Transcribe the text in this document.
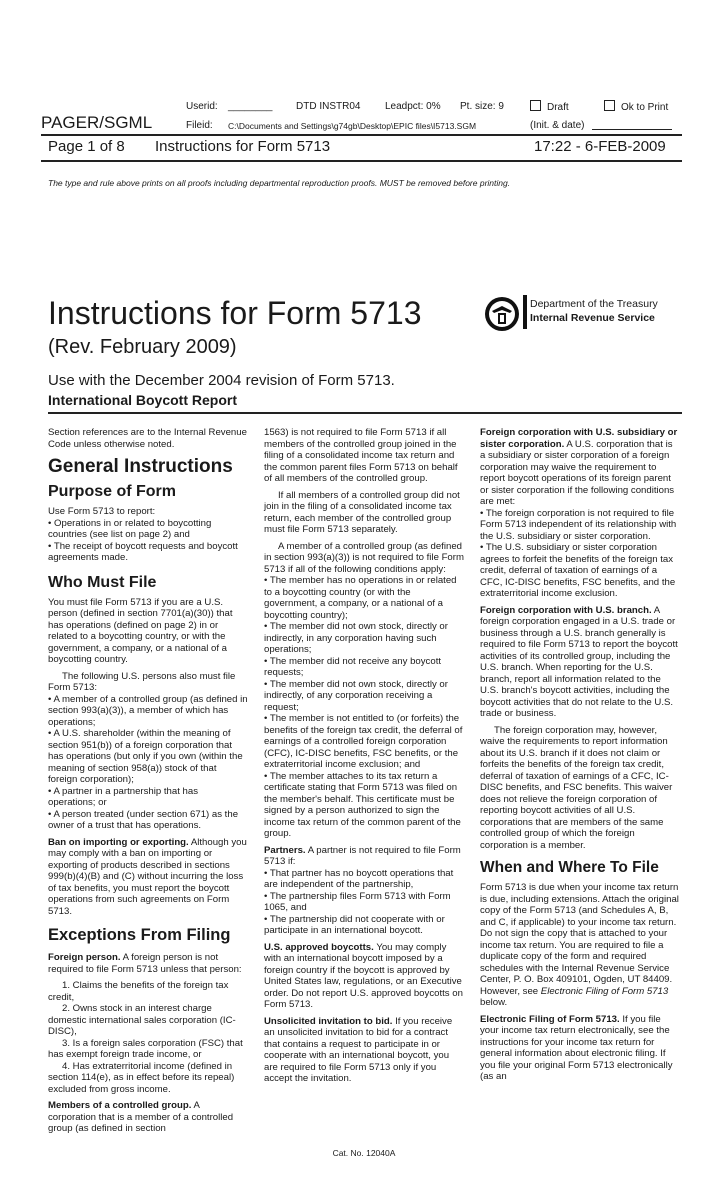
Userid: ________ DTD INSTR04 Leadpct: 0% Pt. size: 9	Draft	Ok to Print
PAGER/SGML	Fileid: C:\Documents and Settings\g74gb\Desktop\EPIC files\I5713.SGM	(Init. & date)
Page 1 of 8 Instructions for Form 5713	17:22 - 6-FEB-2009
The type and rule above prints on all proofs including departmental reproduction proofs. MUST be removed before printing.
Instructions for Form 5713
(Rev. February 2009)
Use with the December 2004 revision of Form 5713.
International Boycott Report
Department of the Treasury
Internal Revenue Service

Section references are to the Internal Revenue Code unless otherwise noted.

General Instructions
Purpose of Form

Use Form 5713 to report:

• Operations in or related to boycotting countries (see list on page 2) and

• The receipt of boycott requests and boycott agreements made.

Who Must File

You must file Form 5713 if you are a U.S. person (defined in section 7701(a)(30)) that has operations (defined on page 2) in or related to a boycotting country, or with the government, a company, or a national of a boycotting country.

The following U.S. persons also must file Form 5713:

• A member of a controlled group (as defined in section 993(a)(3)), a member of which has operations;

• A U.S. shareholder (within the meaning of section 951(b)) of a foreign corporation that has operations (but only if you own (within the meaning of section 958(a)) stock of that foreign corporation);

• A partner in a partnership that has operations; or

• A person treated (under section 671) as the owner of a trust that has operations.

Ban on importing or exporting. Although you may comply with a ban on importing or exporting of products described in sections 999(b)(4)(B) and (C) without incurring the loss of tax benefits, you must report the boycott operations from such agreements on Form 5713.

Exceptions From Filing

Foreign person. A foreign person is not required to file Form 5713 unless that person:

1. Claims the benefits of the foreign tax credit,

2. Owns stock in an interest charge domestic international sales corporation (IC-DISC),

3. Is a foreign sales corporation (FSC) that has exempt foreign trade income, or

4. Has extraterritorial income (defined in section 114(e), as in effect before its repeal) excluded from gross income.

Members of a controlled group. A corporation that is a member of a controlled group (as defined in section

1563) is not required to file Form 5713 if all members of the controlled group joined in the filing of a consolidated income tax return and the common parent files Form 5713 on behalf of all members of the controlled group.

If all members of a controlled group did not join in the filing of a consolidated income tax return, each member of the controlled group must file Form 5713 separately.

A member of a controlled group (as defined in section 993(a)(3)) is not required to file Form 5713 if all of the following conditions apply:

• The member has no operations in or related to a boycotting country (or with the government, a company, or a national of a boycotting country);

• The member did not own stock, directly or indirectly, in any corporation having such operations;

• The member did not receive any boycott requests;

• The member did not own stock, directly or indirectly, of any corporation receiving a request;

• The member is not entitled to (or forfeits) the benefits of the foreign tax credit, the deferral of earnings of a controlled foreign corporation (CFC), IC-DISC benefits, FSC benefits, or the extraterritorial income exclusion; and

• The member attaches to its tax return a certificate stating that Form 5713 was filed on the member's behalf. This certificate must be signed by a person authorized to sign the income tax return of the common parent of the group.

Partners. A partner is not required to file Form 5713 if:

• That partner has no boycott operations that are independent of the partnership,

• The partnership files Form 5713 with Form 1065, and

• The partnership did not cooperate with or participate in an international boycott.

U.S. approved boycotts. You may comply with an international boycott imposed by a foreign country if the boycott is approved by United States law, regulations, or an Executive order. Do not report U.S. approved boycotts on Form 5713.

Unsolicited invitation to bid. If you receive an unsolicited invitation to bid for a contract that contains a request to participate in or cooperate with an international boycott, you are required to file Form 5713 only if you accept the invitation.

Foreign corporation with U.S. subsidiary or sister corporation. A U.S. corporation that is a subsidiary or sister corporation of a foreign corporation may waive the requirement to report boycott operations of its foreign parent or sister corporation if the following conditions are met:

• The foreign corporation is not required to file Form 5713 independent of its relationship with the U.S. subsidiary or sister corporation.

• The U.S. subsidiary or sister corporation agrees to forfeit the benefits of the foreign tax credit, deferral of taxation of earnings of a CFC, IC-DISC benefits, FSC benefits, and the extraterritorial income exclusion.

Foreign corporation with U.S. branch. A foreign corporation engaged in a U.S. trade or business through a U.S. branch generally is required to file Form 5713 to report the boycott activities of its controlled group, including the U.S. branch. When reporting for the U.S. branch, report all information related to the U.S. branch's boycott activities, including the boycott activities that do not relate to the U.S. trade or business.

The foreign corporation may, however, waive the requirements to report information about its U.S. branch if it does not claim or forfeits the benefits of the foreign tax credit, deferral of taxation of earnings of a CFC, IC-DISC benefits, and FSC benefits. This waiver does not relieve the foreign corporation of reporting boycott activities of all U.S. corporations that are members of the same controlled group of which the foreign corporation is a member.

When and Where To File

Form 5713 is due when your income tax return is due, including extensions. Attach the original copy of the Form 5713 (and Schedules A, B, and C, if applicable) to your income tax return. Do not sign the copy that is attached to your income tax return. You are required to file a duplicate copy of the form and required schedules with the Internal Revenue Service Center, P. O. Box 409101, Ogden, UT 84409. However, see Electronic Filing of Form 5713 below.

Electronic Filing of Form 5713. If you file your income tax return electronically, see the instructions for your income tax return for general information about electronic filing. If you file your original Form 5713 electronically (as an

Cat. No. 12040A
